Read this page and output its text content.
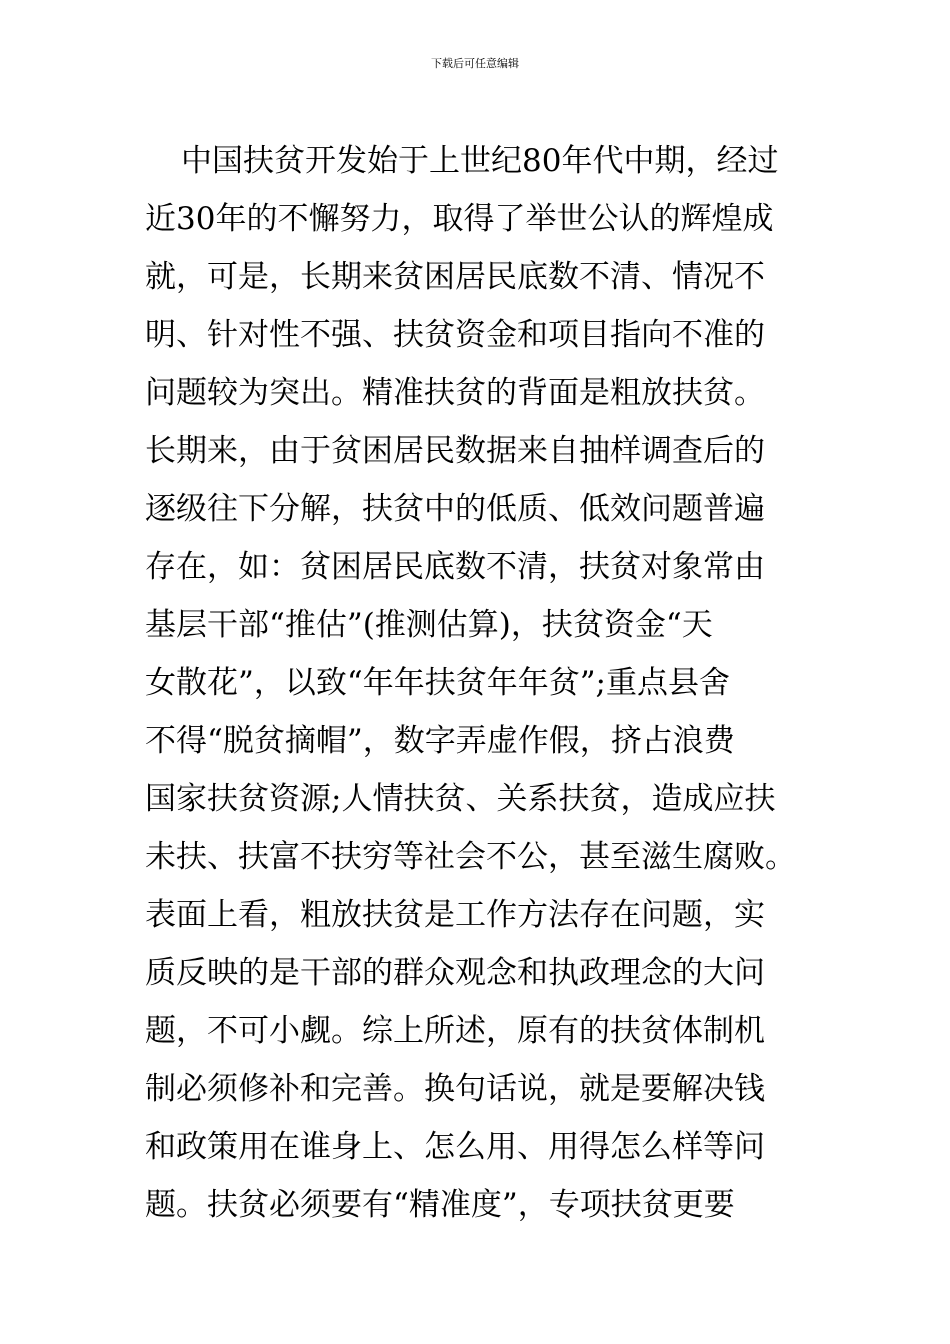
下载后可任意编辑
中国扶贫开发始于上世纪80年代中期，经过
近30年的不懈努力，取得了举世公认的辉煌成
就，可是，长期来贫困居民底数不清、情况不
明、针对性不强、扶贫资金和项目指向不准的
问题较为突出。精准扶贫的背面是粗放扶贫。
长期来，由于贫困居民数据来自抽样调查后的
逐级往下分解，扶贫中的低质、低效问题普遍
存在，如：贫困居民底数不清，扶贫对象常由
基层干部“推估”(推测估算)，扶贫资金“天
女散花”，以致“年年扶贫年年贫”;重点县舍
不得“脱贫摘帽”，数字弄虚作假，挤占浪费
国家扶贫资源;人情扶贫、关系扶贫，造成应扶
未扶、扶富不扶穷等社会不公，甚至滋生腐败。
表面上看，粗放扶贫是工作方法存在问题，实
质反映的是干部的群众观念和执政理念的大问
题，不可小觑。综上所述，原有的扶贫体制机
制必须修补和完善。换句话说，就是要解决钱
和政策用在谁身上、怎么用、用得怎么样等问
题。扶贫必须要有“精准度”，专项扶贫更要
